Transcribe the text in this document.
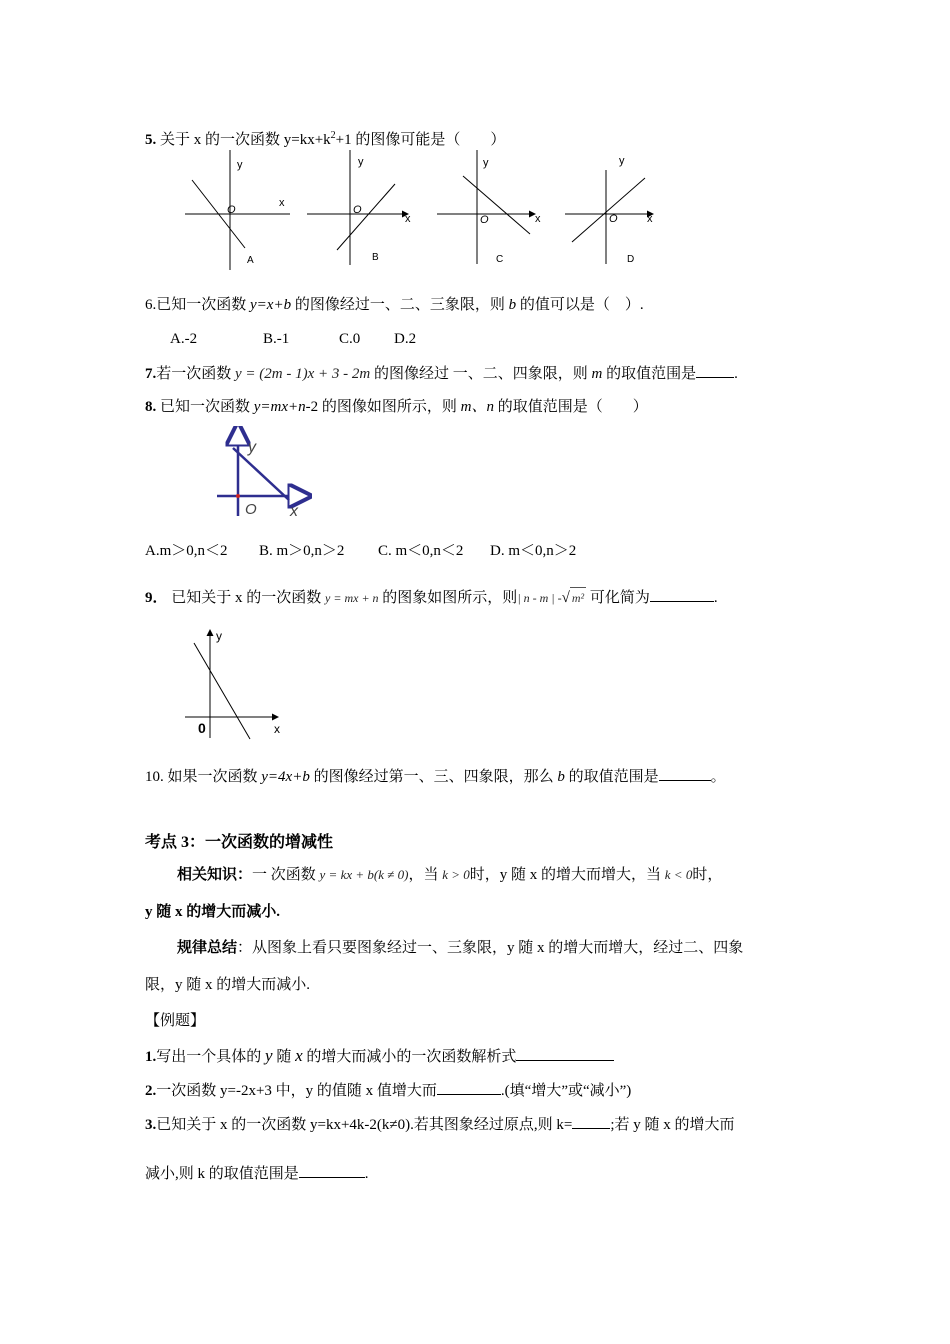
5. 关于 x 的一次函数 $y=kx+k^2+1$ 的图像可能是（　　）
y
x
O
A
y
x
O
B
y
x
O
C
y
x
O
D
6.已知一次函数 y=x+b 的图像经过一、二、三象限，则 b 的值可以是（　）.
A.-2	B.-1	C.0 D.2
7.若一次函数 y = (2m - 1)x + 3 - 2m 的图像经过 一、二、四象限，则 m 的取值范围是	.
8. 已知一次函数 y=mx+n-2 的图像如图所示，则 m、n 的取值范围是（　　）
y
O x
A.m＞0,n＜2 B. m＞0,n＞2 C. m＜0,n＜2 D. m＜0,n＞2
9． 已知关于 x 的一次函数 y = mx + n 的图象如图所示，则| n - m | -√ m² 可化简为	.
y
x
0
10. 如果一次函数 y=4x+b 的图像经过第一、三、四象限，那么 b 的取值范围是	。
考点 3：一次函数的增减性
相关知识：一 次函数 y = kx + b(k ≠ 0)，当 k > 0时，y 随 x 的增大而增大，当 k < 0时，
y 随 x 的增大而减小.
规律总结：从图象上看只要图象经过一、三象限，y 随 x 的增大而增大，经过二、四象
限，y 随 x 的增大而减小.
【例题】
1.写出一个具体的 y 随 x 的增大而减小的一次函数解析式
2.一次函数 y=-2x+3 中，y 的值随 x 值增大而	.(填“增大”或“减小”)
3.已知关于 x 的一次函数 y=kx+4k-2(k≠0).若其图象经过原点,则 k=	;若 y 随 x 的增大而
减小,则 k 的取值范围是	.
